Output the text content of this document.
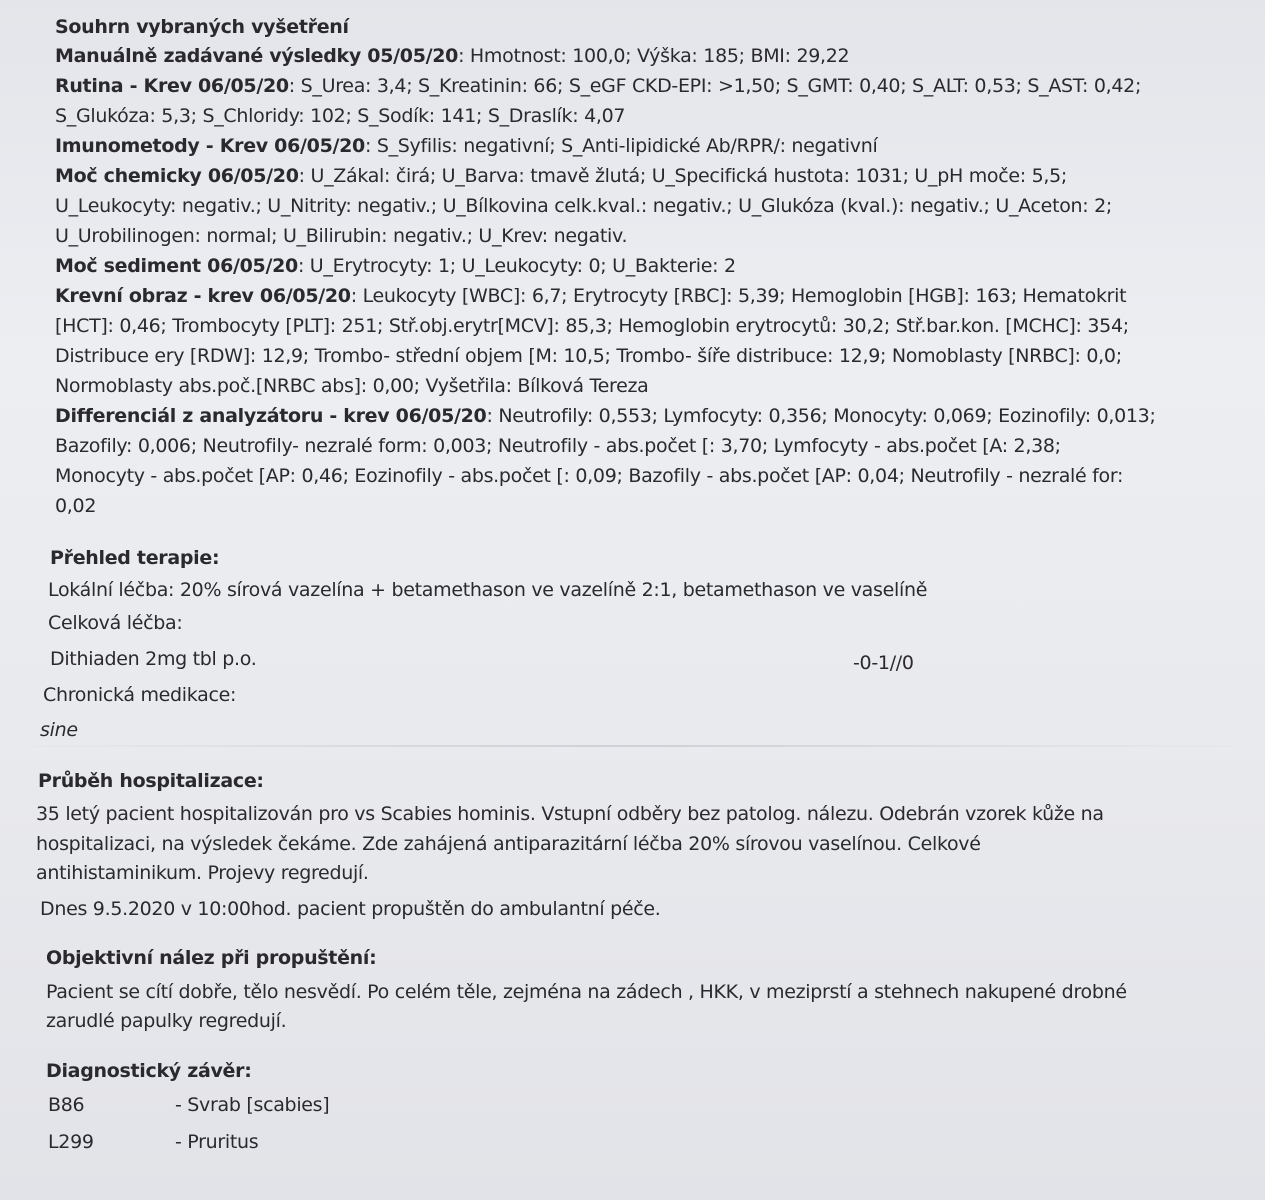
Souhrn vybraných vyšetření
Manuálně zadávané výsledky 05/05/20: Hmotnost: 100,0; Výška: 185; BMI: 29,22
Rutina - Krev 06/05/20: S_Urea: 3,4; S_Kreatinin: 66; S_eGF CKD-EPI: >1,50; S_GMT: 0,40; S_ALT: 0,53; S_AST: 0,42;
S_Glukóza: 5,3; S_Chloridy: 102; S_Sodík: 141; S_Draslík: 4,07
Imunometody - Krev 06/05/20: S_Syfilis: negativní; S_Anti-lipidické Ab/RPR/: negativní
Moč chemicky 06/05/20: U_Zákal: čirá; U_Barva: tmavě žlutá; U_Specifická hustota: 1031; U_pH moče: 5,5;
U_Leukocyty: negativ.; U_Nitrity: negativ.; U_Bílkovina celk.kval.: negativ.; U_Glukóza (kval.): negativ.; U_Aceton: 2;
U_Urobilinogen: normal; U_Bilirubin: negativ.; U_Krev: negativ.
Moč sediment 06/05/20: U_Erytrocyty: 1; U_Leukocyty: 0; U_Bakterie: 2
Krevní obraz - krev 06/05/20: Leukocyty [WBC]: 6,7; Erytrocyty [RBC]: 5,39; Hemoglobin [HGB]: 163; Hematokrit
[HCT]: 0,46; Trombocyty [PLT]: 251; Stř.obj.erytr[MCV]: 85,3; Hemoglobin erytrocytů: 30,2; Stř.bar.kon. [MCHC]: 354;
Distribuce ery [RDW]: 12,9; Trombo- střední objem [M: 10,5; Trombo- šíře distribuce: 12,9; Nomoblasty [NRBC]: 0,0;
Normoblasty abs.poč.[NRBC abs]: 0,00; Vyšetřila: Bílková Tereza
Differenciál z analyzátoru - krev 06/05/20: Neutrofily: 0,553; Lymfocyty: 0,356; Monocyty: 0,069; Eozinofily: 0,013;
Bazofily: 0,006; Neutrofily- nezralé form: 0,003; Neutrofily - abs.počet [: 3,70; Lymfocyty - abs.počet [A: 2,38;
Monocyty - abs.počet [AP: 0,46; Eozinofily - abs.počet [: 0,09; Bazofily - abs.počet [AP: 0,04; Neutrofily - nezralé for:
0,02
Přehled terapie:
Lokální léčba: 20% sírová vazelína + betamethason ve vazelíně 2:1, betamethason ve vaselíně
Celková léčba:
Dithiaden 2mg tbl p.o.	-0-1//0
Chronická medikace:
sine
Průběh hospitalizace:
35 letý pacient hospitalizován pro vs Scabies hominis. Vstupní odběry bez patolog. nálezu. Odebrán vzorek kůže na
hospitalizaci, na výsledek čekáme. Zde zahájená antiparazitární léčba 20% sírovou vaselínou. Celkové
antihistaminikum. Projevy regredují.
Dnes 9.5.2020 v 10:00hod. pacient propuštěn do ambulantní péče.
Objektivní nález při propuštění:
Pacient se cítí dobře, tělo nesvědí. Po celém těle, zejména na zádech , HKK, v meziprstí a stehnech nakupené drobné
zarudlé papulky regredují.
Diagnostický závěr:
B86	- Svrab [scabies]
L299	- Pruritus
